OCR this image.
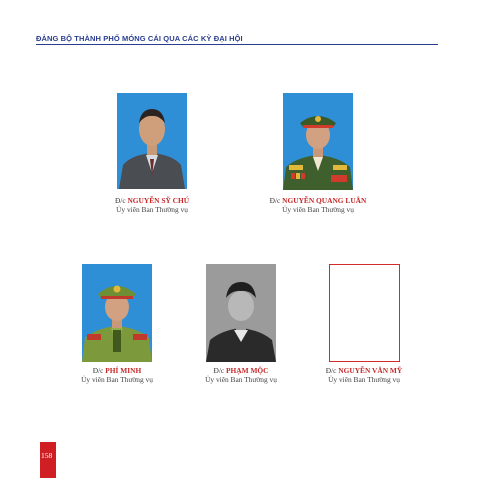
ĐẢNG BỘ THÀNH PHỐ MÓNG CÁI QUA CÁC KỲ ĐẠI HỘI
Đ/c NGUYỄN SỸ CHÚ
Ủy viên Ban Thường vụ
Đ/c NGUYỄN QUANG LUÂN
Ủy viên Ban Thường vụ
Đ/c PHÍ MINH
Ủy viên Ban Thường vụ
Đ/c PHẠM MỘC
Ủy viên Ban Thường vụ
Đ/c NGUYỄN VĂN MỸ
Ủy viên Ban Thường vụ
158
